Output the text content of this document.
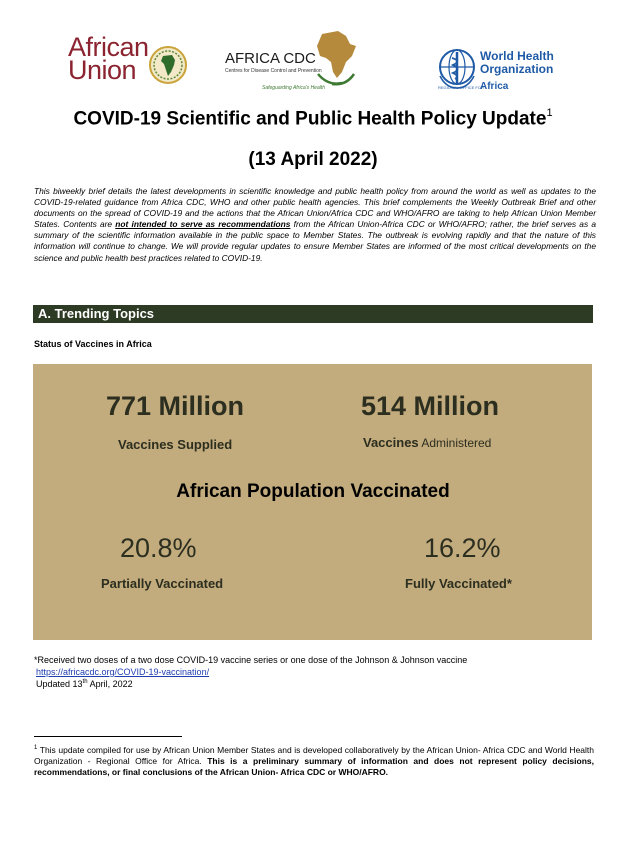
African
Union	AFRICA CDC
Centres for Disease Control and Prevention
Safeguarding Africa's Health
World Health
Organization
REGIONAL OFFICE FOR
Africa
COVID-19 Scientific and Public Health Policy Update$^1$
(13 April 2022)
This biweekly brief details the latest developments in scientific knowledge and public health policy from around the world as well as updates to the COVID-19-related guidance from Africa CDC, WHO and other public health agencies. This brief complements the Weekly Outbreak Brief and other documents on the spread of COVID-19 and the actions that the African Union/Africa CDC and WHO/AFRO are taking to help African Union Member States. Contents are not intended to serve as recommendations from the African Union-Africa CDC or WHO/AFRO; rather, the brief serves as a summary of the scientific information available in the public space to Member States. The outbreak is evolving rapidly and that the nature of this information will continue to change. We will provide regular updates to ensure Member States are informed of the most critical developments on the science and public health best practices related to COVID-19.
A. Trending Topics
Status of Vaccines in Africa
771 Million
Vaccines Supplied
514 Million
Vaccines Administered
African Population Vaccinated
20.8%
Partially Vaccinated
16.2%
Fully Vaccinated*
*Received two doses of a two dose COVID-19 vaccine series or one dose of the Johnson & Johnson vaccine
https://africacdc.org/COVID-19-vaccination/
Updated 13th April, 2022
$^1$ This update compiled for use by African Union Member States and is developed collaboratively by the African Union- Africa CDC and World Health Organization - Regional Office for Africa. This is a preliminary summary of information and does not represent policy decisions, recommendations, or final conclusions of the African Union- Africa CDC or WHO/AFRO.
